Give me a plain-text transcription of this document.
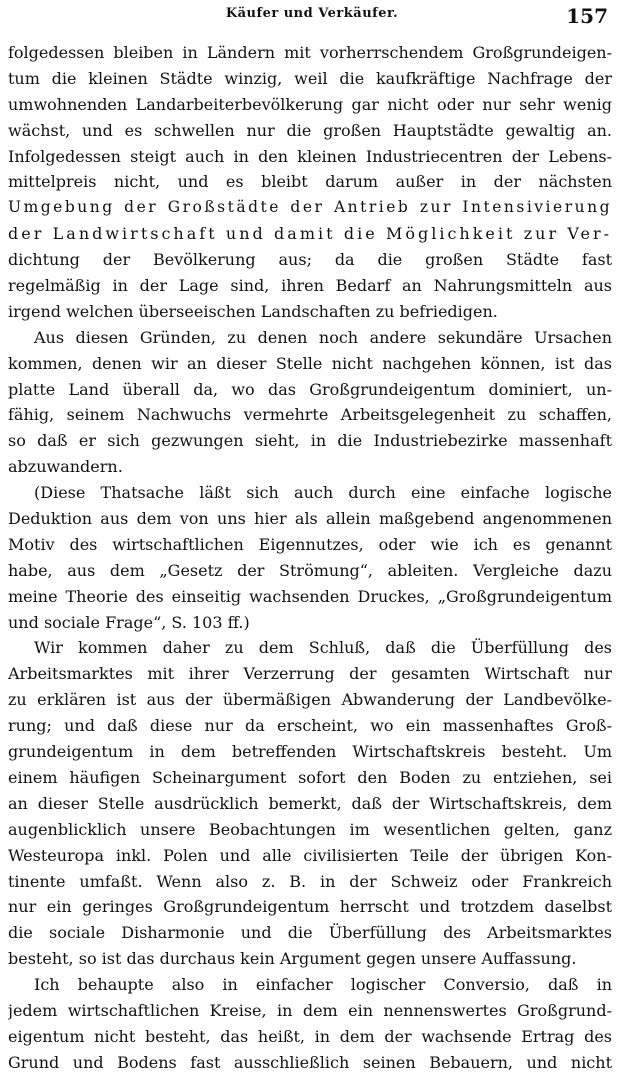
Käufer und Verkäufer.	157
folgedessen bleiben in Ländern mit vorherrschendem Großgrundeigen-
tum die kleinen Städte winzig, weil die kaufkräftige Nachfrage der
umwohnenden Landarbeiterbevölkerung gar nicht oder nur sehr wenig
wächst, und es schwellen nur die großen Hauptstädte gewaltig an.
Infolgedessen steigt auch in den kleinen Industriecentren der Lebens-
mittelpreis nicht, und es bleibt darum außer in der nächsten
Umgebung der Großstädte der Antrieb zur Intensivierung
der Landwirtschaft und damit die Möglichkeit zur Ver-
dichtung der Bevölkerung aus; da die großen Städte fast
regelmäßig in der Lage sind, ihren Bedarf an Nahrungsmitteln aus
irgend welchen überseeischen Landschaften zu befriedigen.
Aus diesen Gründen, zu denen noch andere sekundäre Ursachen
kommen, denen wir an dieser Stelle nicht nachgehen können, ist das
platte Land überall da, wo das Großgrundeigentum dominiert, un-
fähig, seinem Nachwuchs vermehrte Arbeitsgelegenheit zu schaffen,
so daß er sich gezwungen sieht, in die Industriebezirke massenhaft
abzuwandern.
(Diese Thatsache läßt sich auch durch eine einfache logische
Deduktion aus dem von uns hier als allein maßgebend angenommenen
Motiv des wirtschaftlichen Eigennutzes, oder wie ich es genannt
habe, aus dem „Gesetz der Strömung“, ableiten. Vergleiche dazu
meine Theorie des einseitig wachsenden Druckes, „Großgrundeigentum
und sociale Frage“, S. 103 ff.)
Wir kommen daher zu dem Schluß, daß die Überfüllung des
Arbeitsmarktes mit ihrer Verzerrung der gesamten Wirtschaft nur
zu erklären ist aus der übermäßigen Abwanderung der Landbevölke-
rung; und daß diese nur da erscheint, wo ein massenhaftes Groß-
grundeigentum in dem betreffenden Wirtschaftskreis besteht. Um
einem häufigen Scheinargument sofort den Boden zu entziehen, sei
an dieser Stelle ausdrücklich bemerkt, daß der Wirtschaftskreis, dem
augenblicklich unsere Beobachtungen im wesentlichen gelten, ganz
Westeuropa inkl. Polen und alle civilisierten Teile der übrigen Kon-
tinente umfaßt. Wenn also z. B. in der Schweiz oder Frankreich
nur ein geringes Großgrundeigentum herrscht und trotzdem daselbst
die sociale Disharmonie und die Überfüllung des Arbeitsmarktes
besteht, so ist das durchaus kein Argument gegen unsere Auffassung.
Ich behaupte also in einfacher logischer Conversio, daß in
jedem wirtschaftlichen Kreise, in dem ein nennenswertes Großgrund-
eigentum nicht besteht, das heißt, in dem der wachsende Ertrag des
Grund und Bodens fast ausschließlich seinen Bebauern, und nicht
